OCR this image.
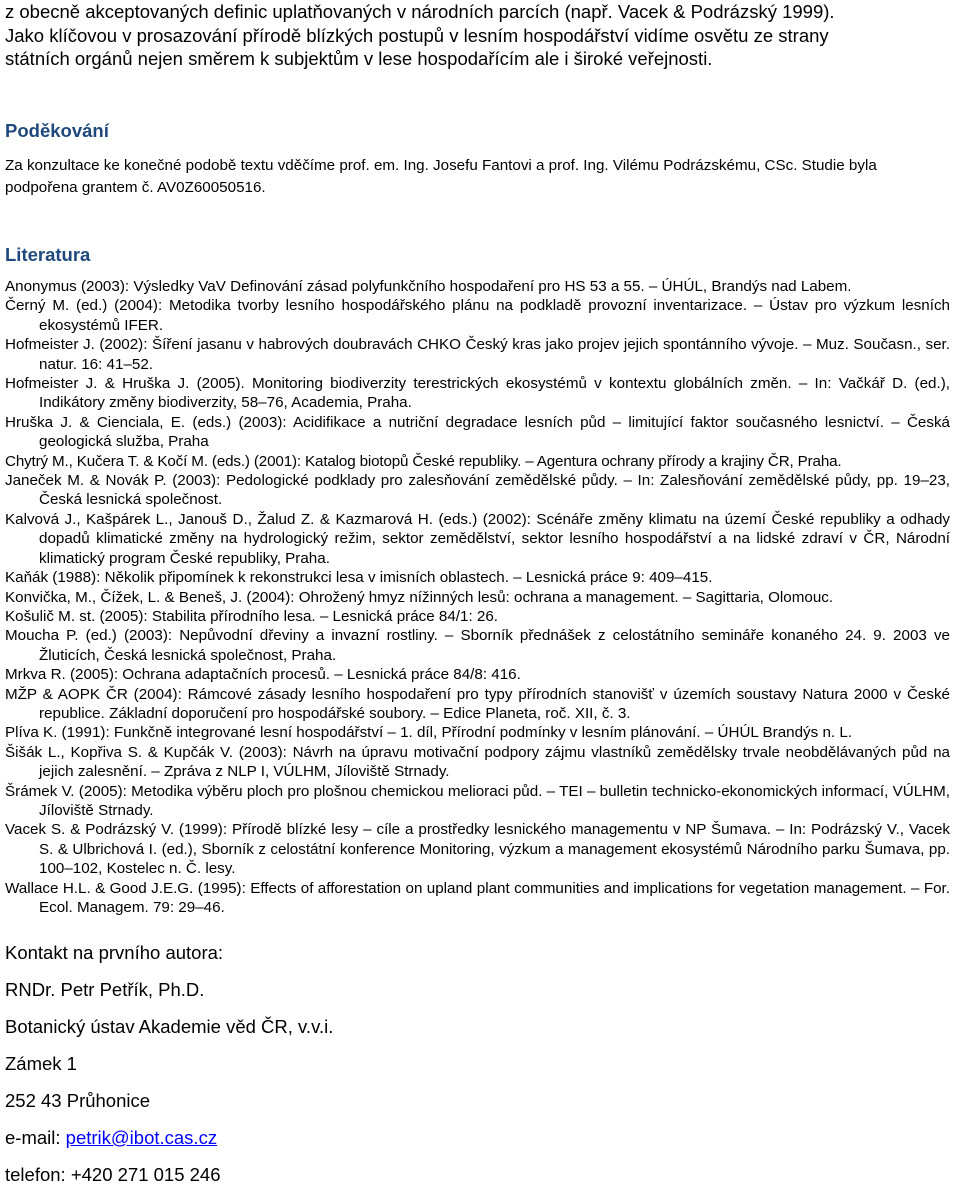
z obecně akceptovaných definic uplatňovaných v národních parcích (např. Vacek & Podrázský 1999).
Jako klíčovou v prosazování přírodě blízkých postupů v lesním hospodářství vidíme osvětu ze strany
státních orgánů nejen směrem k subjektům v lese hospodařícím ale i široké veřejnosti.
Poděkování

Za konzultace ke konečné podobě textu vděčíme prof. em. Ing. Josefu Fantovi a prof. Ing. Vilému Podrázskému, CSc. Studie byla podpořena grantem č. AV0Z60050516.

Literatura

Anonymus (2003): Výsledky VaV Definování zásad polyfunkčního hospodaření pro HS 53 a 55. – ÚHÚL, Brandýs nad Labem.

Černý M. (ed.) (2004): Metodika tvorby lesního hospodářského plánu na podkladě provozní inventarizace. – Ústav pro výzkum lesních ekosystémů IFER.

Hofmeister J. (2002): Šíření jasanu v habrových doubravách CHKO Český kras jako projev jejich spontánního vývoje. – Muz. Současn., ser. natur. 16: 41–52.

Hofmeister J. & Hruška J. (2005). Monitoring biodiverzity terestrických ekosystémů v kontextu globálních změn. – In: Vačkář D. (ed.), Indikátory změny biodiverzity, 58–76, Academia, Praha.

Hruška J. & Cienciala, E. (eds.) (2003): Acidifikace a nutriční degradace lesních půd – limitující faktor současného lesnictví. – Česká geologická služba, Praha

Chytrý M., Kučera T. & Kočí M. (eds.) (2001): Katalog biotopů České republiky. – Agentura ochrany přírody a krajiny ČR, Praha.

Janeček M. & Novák P. (2003): Pedologické podklady pro zalesňování zemědělské půdy. – In: Zalesňování zemědělské půdy, pp. 19–23, Česká lesnická společnost.

Kalvová J., Kašpárek L., Janouš D., Žalud Z. & Kazmarová H. (eds.) (2002): Scénáře změny klimatu na území České republiky a odhady dopadů klimatické změny na hydrologický režim, sektor zemědělství, sektor lesního hospodářství a na lidské zdraví v ČR, Národní klimatický program České republiky, Praha.

Kaňák (1988): Několik připomínek k rekonstrukci lesa v imisních oblastech. – Lesnická práce 9: 409–415.

Konvička, M., Čížek, L. & Beneš, J. (2004): Ohrožený hmyz nížinných lesů: ochrana a management. – Sagittaria, Olomouc.

Košulič M. st. (2005): Stabilita přírodního lesa. – Lesnická práce 84/1: 26.

Moucha P. (ed.) (2003): Nepůvodní dřeviny a invazní rostliny. – Sborník přednášek z celostátního semináře konaného 24. 9. 2003 ve Žluticích, Česká lesnická společnost, Praha.

Mrkva R. (2005): Ochrana adaptačních procesů. – Lesnická práce 84/8: 416.

MŽP & AOPK ČR (2004): Rámcové zásady lesního hospodaření pro typy přírodních stanovišť v územích soustavy Natura 2000 v České republice. Základní doporučení pro hospodářské soubory. – Edice Planeta, roč. XII, č. 3.

Plíva K. (1991): Funkčně integrované lesní hospodářství – 1. díl, Přírodní podmínky v lesním plánování. – ÚHÚL Brandýs n. L.

Šišák L., Kopřiva S. & Kupčák V. (2003): Návrh na úpravu motivační podpory zájmu vlastníků zemědělsky trvale neobdělávaných půd na jejich zalesnění. – Zpráva z NLP I, VÚLHM, Jíloviště Strnady.

Šrámek V. (2005): Metodika výběru ploch pro plošnou chemickou melioraci půd. – TEI – bulletin technicko-ekonomických informací, VÚLHM, Jíloviště Strnady.

Vacek S. & Podrázský V. (1999): Přírodě blízké lesy – cíle a prostředky lesnického managementu v NP Šumava. – In: Podrázský V., Vacek S. & Ulbrichová I. (ed.), Sborník z celostátní konference Monitoring, výzkum a management ekosystémů Národního parku Šumava, pp. 100–102, Kostelec n. Č. lesy.

Wallace H.L. & Good J.E.G. (1995): Effects of afforestation on upland plant communities and implications for vegetation management. – For. Ecol. Managem. 79: 29–46.

Kontakt na prvního autora:
RNDr. Petr Petřík, Ph.D.
Botanický ústav Akademie věd ČR, v.v.i.
Zámek 1
252 43 Průhonice
e-mail: petrik@ibot.cas.cz
telefon: +420 271 015 246
